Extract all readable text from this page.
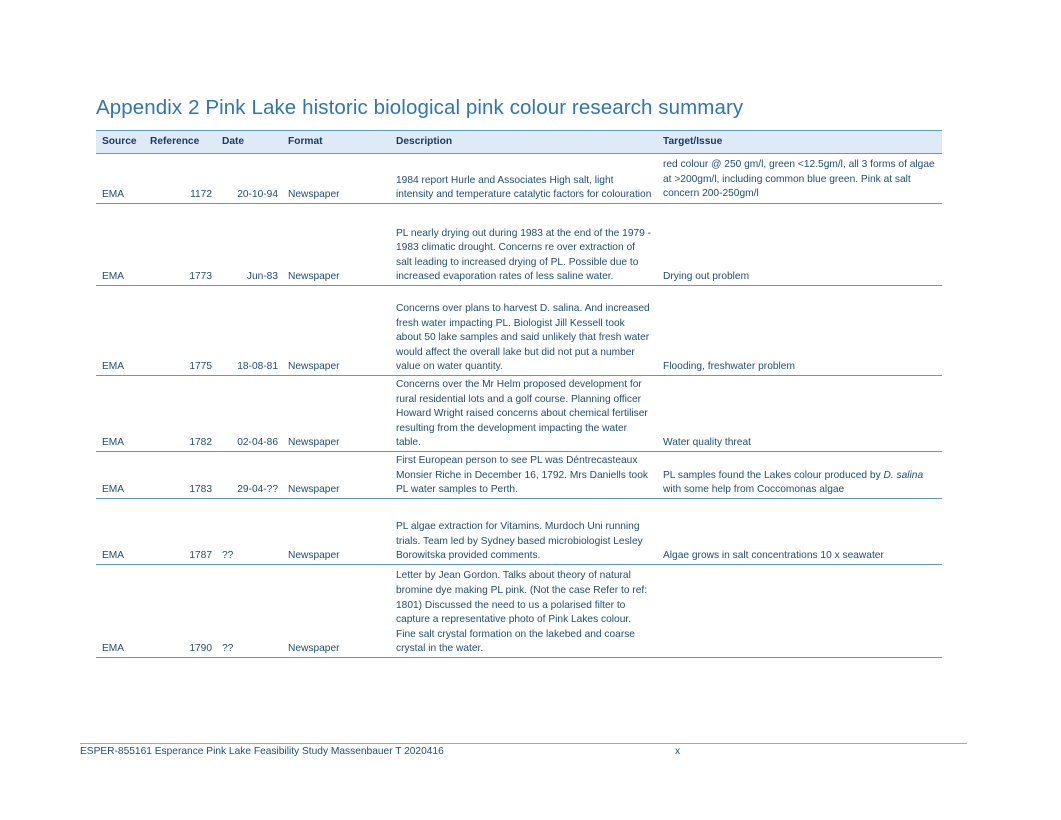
Appendix 2 Pink Lake historic biological pink colour research summary
Source	Reference	Date	Format	Description	Target/Issue
EMA	1172	20-10-94	Newspaper	1984 report Hurle and Associates High salt, light intensity and temperature catalytic factors for colouration	red colour @ 250 gm/l, green <12.5gm/l, all 3 forms of algae at >200gm/l, including common blue green. Pink at salt concern 200-250gm/l
EMA	1773	Jun-83	Newspaper	PL nearly drying out during 1983 at the end of the 1979 - 1983 climatic drought. Concerns re over extraction of salt leading to increased drying of PL. Possible due to increased evaporation rates of less saline water.	Drying out problem
EMA	1775	18-08-81	Newspaper	Concerns over plans to harvest D. salina. And increased fresh water impacting PL. Biologist Jill Kessell took about 50 lake samples and said unlikely that fresh water would affect the overall lake but did not put a number value on water quantity.	Flooding, freshwater problem
EMA	1782	02-04-86	Newspaper	Concerns over the Mr Helm proposed development for rural residential lots and a golf course. Planning officer Howard Wright raised concerns about chemical fertiliser resulting from the development impacting the water table.	Water quality threat
EMA	1783	29-04-??	Newspaper	First European person to see PL was Déntrecasteaux Monsier Riche in December 16, 1792. Mrs Daniells took PL water samples to Perth.	PL samples found the Lakes colour produced by D. salina with some help from Coccomonas algae
EMA	1787	??	Newspaper	PL algae extraction for Vitamins. Murdoch Uni running trials. Team led by Sydney based microbiologist Lesley Borowitska provided comments.	Algae grows in salt concentrations 10 x seawater
EMA	1790	??	Newspaper	Letter by Jean Gordon. Talks about theory of natural bromine dye making PL pink. (Not the case Refer to ref: 1801) Discussed the need to us a polarised filter to capture a representative photo of Pink Lakes colour. Fine salt crystal formation on the lakebed and coarse crystal in the water.	
ESPER-855161 Esperance Pink Lake Feasibility Study Massenbauer T 2020416	x
